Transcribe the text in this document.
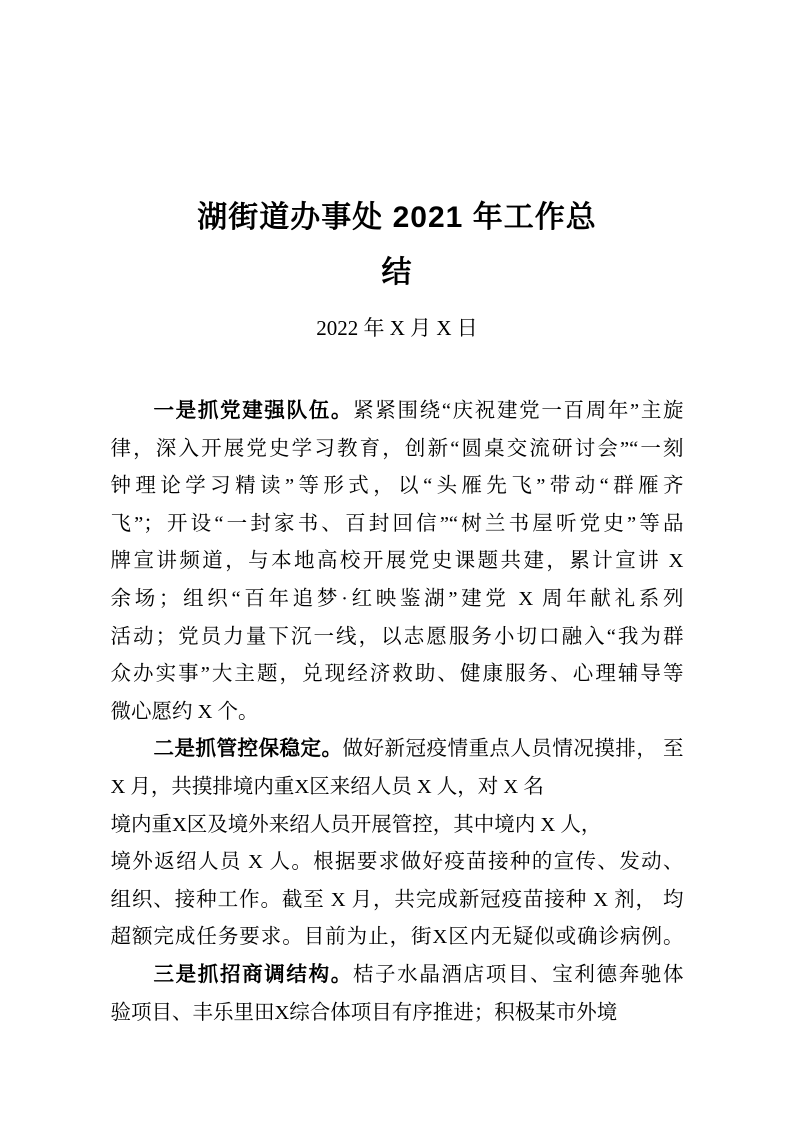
湖街道办事处 2021 年工作总
结
2022 年 X 月 X 日
一是抓党建强队伍。紧紧围绕“庆祝建党一百周年”主旋
律，深入开展党史学习教育，创新“圆桌交流研讨会”“一刻
钟理论学习精读”等形式，以“头雁先飞”带动“群雁齐
飞”；开设“一封家书、百封回信”“树兰书屋听党史”等品
牌宣讲频道，与本地高校开展党史课题共建，累计宣讲 X
余场；组织“百年追梦·红映鉴湖”建党 X 周年献礼系列
活动；党员力量下沉一线，以志愿服务小切口融入“我为群
众办实事”大主题，兑现经济救助、健康服务、心理辅导等
微心愿约 X 个。
二是抓管控保稳定。做好新冠疫情重点人员情况摸排， 至
X 月，共摸排境内重X区来绍人员 X 人，对 X 名
境内重X区及境外来绍人员开展管控，其中境内 X 人，
境外返绍人员 X 人。根据要求做好疫苗接种的宣传、发动、
组织、接种工作。截至 X 月，共完成新冠疫苗接种 X 剂， 均
超额完成任务要求。目前为止，街X区内无疑似或确诊病例。
三是抓招商调结构。桔子水晶酒店项目、宝利德奔驰体
验项目、丰乐里田X综合体项目有序推进；积极某市外境
